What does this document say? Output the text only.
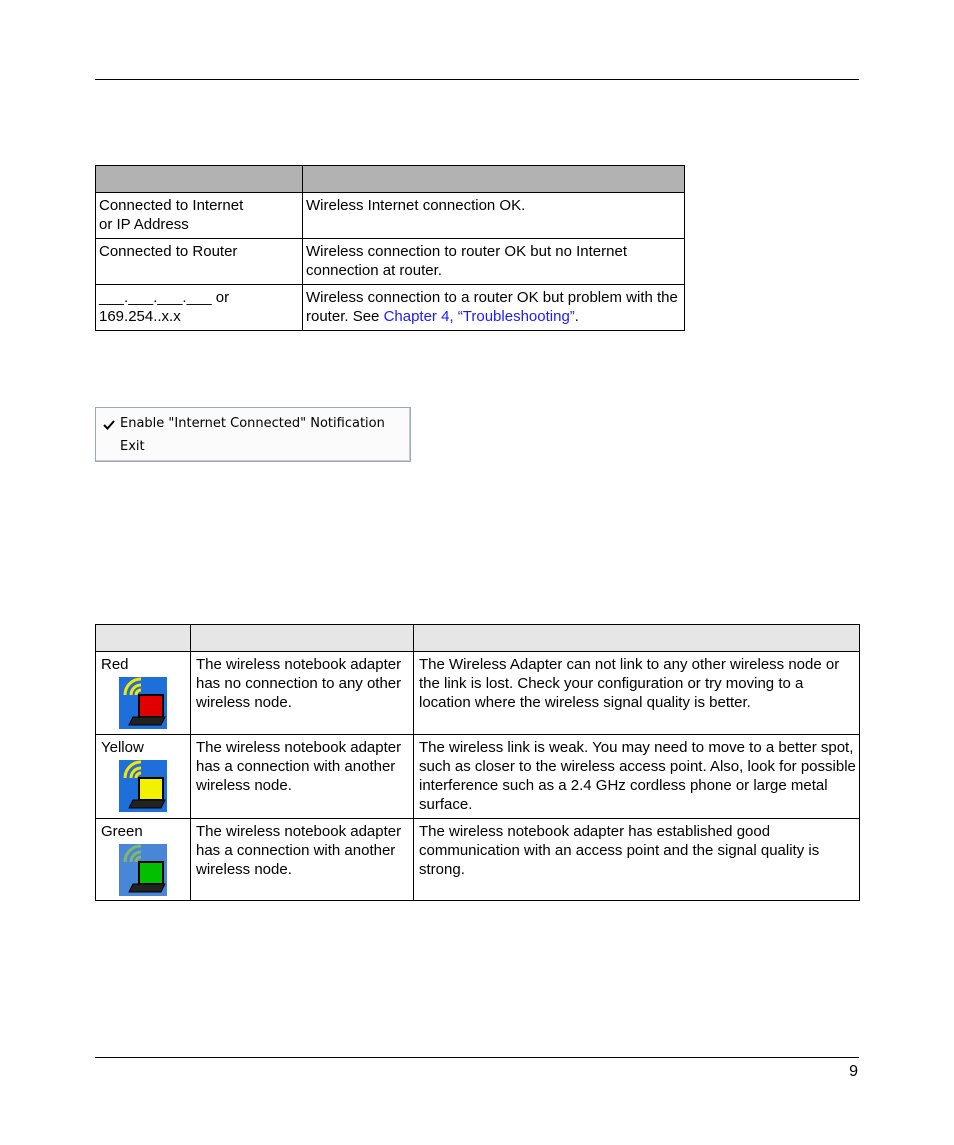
Connected to Internet
or IP Address	Wireless Internet connection OK.
Connected to Router	Wireless connection to router OK but no Internet connection at router.
___.___.___.___ or
169.254..x.x	Wireless connection to a router OK but problem with the router. See Chapter 4, “Troubleshooting”.
Enable "Internet Connected" Notification
Exit

Red	The wireless notebook adapter has no connection to any other wireless node.	The Wireless Adapter can not link to any other wireless node or the link is lost. Check your configuration or try moving to a location where the wireless signal quality is better.
Yellow	The wireless notebook adapter has a connection with another wireless node.	The wireless link is weak. You may need to move to a better spot, such as closer to the wireless access point. Also, look for possible interference such as a 2.4 GHz cordless phone or large metal surface.
Green	The wireless notebook adapter has a connection with another wireless node.	The wireless notebook adapter has established good communication with an access point and the signal quality is strong.
9
